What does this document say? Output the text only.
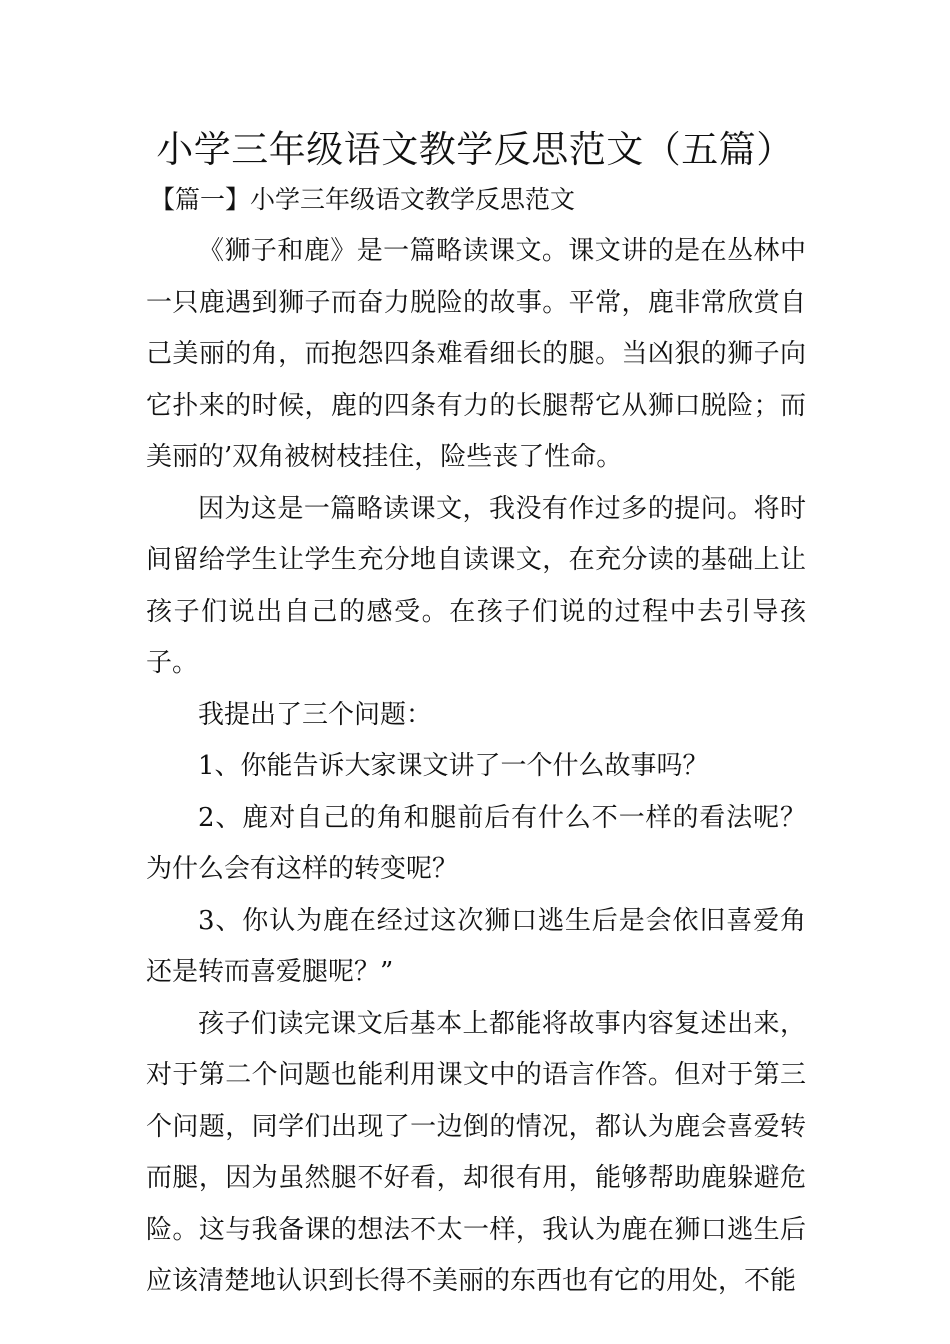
小学三年级语文教学反思范文（五篇）
【篇一】小学三年级语文教学反思范文

《狮子和鹿》是一篇略读课文。课文讲的是在丛林中一只鹿遇到狮子而奋力脱险的故事。平常，鹿非常欣赏自己美丽的角，而抱怨四条难看细长的腿。当凶狠的狮子向它扑来的时候，鹿的四条有力的长腿帮它从狮口脱险；而美丽的’双角被树枝挂住，险些丧了性命。

因为这是一篇略读课文，我没有作过多的提问。将时间留给学生让学生充分地自读课文，在充分读的基础上让孩子们说出自己的感受。在孩子们说的过程中去引导孩子。

我提出了三个问题：

1、你能告诉大家课文讲了一个什么故事吗？

2、鹿对自己的角和腿前后有什么不一样的看法呢？为什么会有这样的转变呢？

3、你认为鹿在经过这次狮口逃生后是会依旧喜爱角还是转而喜爱腿呢？”

孩子们读完课文后基本上都能将故事内容复述出来，对于第二个问题也能利用课文中的语言作答。但对于第三个问题，同学们出现了一边倒的情况，都认为鹿会喜爱转而腿，因为虽然腿不好看，却很有用，能够帮助鹿躲避危险。这与我备课的想法不太一样，我认为鹿在狮口逃生后应该清楚地认识到长得不美丽的东西也有它的用处，不能
